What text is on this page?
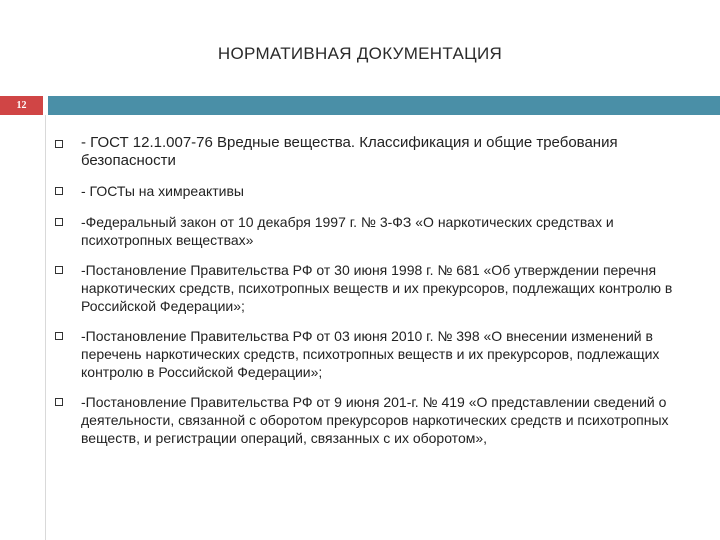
НОРМАТИВНАЯ ДОКУМЕНТАЦИЯ
12
- ГОСТ 12.1.007-76 Вредные вещества. Классификация и общие требования безопасности
- ГОСТы на химреактивы
-Федеральный закон от 10 декабря 1997 г. № 3-ФЗ «О наркотических средствах и психотропных веществах»
-Постановление Правительства РФ от 30 июня 1998 г. № 681 «Об утверждении перечня наркотических средств, психотропных веществ и их прекурсоров, подлежащих контролю в Российской Федерации»;
-Постановление Правительства РФ от 03 июня 2010 г. № 398 «О внесении изменений в перечень наркотических средств, психотропных веществ и их прекурсоров, подлежащих контролю в Российской Федерации»;
-Постановление Правительства РФ от 9 июня 201-г. № 419 «О представлении сведений о деятельности, связанной с оборотом прекурсоров наркотических средств и психотропных веществ, и регистрации операций, связанных с их оборотом»,
